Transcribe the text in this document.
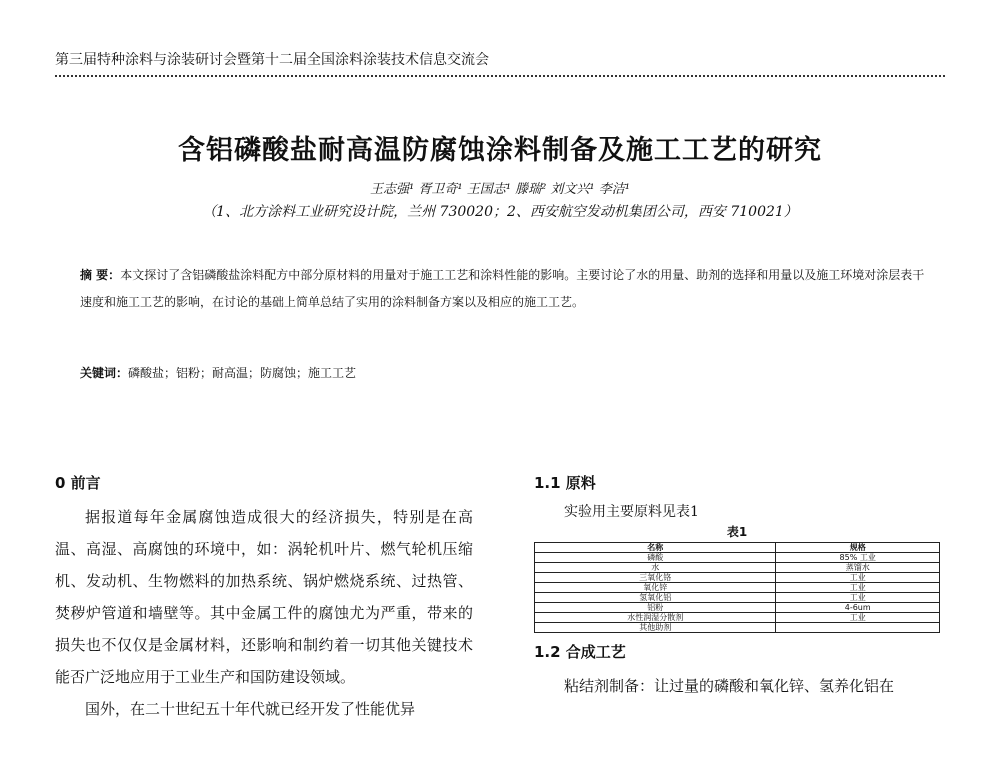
第三届特种涂料与涂装研讨会暨第十二届全国涂料涂装技术信息交流会
含铝磷酸盐耐高温防腐蚀涂料制备及施工工艺的研究
王志强¹ 胥卫奇¹ 王国志¹ 滕瑞² 刘文兴¹ 李洁¹
（1、北方涂料工业研究设计院，兰州 730020；2、西安航空发动机集团公司，西安 710021）
摘 要：本文探讨了含铝磷酸盐涂料配方中部分原材料的用量对于施工工艺和涂料性能的影响。主要讨论了水的用量、助剂的选择和用量以及施工环境对涂层表干速度和施工工艺的影响，在讨论的基础上简单总结了实用的涂料制备方案以及相应的施工工艺。
关键词：磷酸盐；铝粉；耐高温；防腐蚀；施工工艺
0 前言

据报道每年金属腐蚀造成很大的经济损失，特别是在高温、高湿、高腐蚀的环境中，如：涡轮机叶片、燃气轮机压缩机、发动机、生物燃料的加热系统、锅炉燃烧系统、过热管、焚秽炉管道和墙壁等。其中金属工件的腐蚀尤为严重，带来的损失也不仅仅是金属材料，还影响和制约着一切其他关键技术能否广泛地应用于工业生产和国防建设领域。

国外，在二十世纪五十年代就已经开发了性能优异

1.1 原料

实验用主要原料见表1

表1
名称	规格
磷酸	85% 工业
水	蒸馏水
三氧化铬	工业
氧化锌	工业
氢氧化铝	工业
铝粉	4-6um
水性润湿分散剂	工业
其他助剂	
1.2 合成工艺

粘结剂制备：让过量的磷酸和氧化锌、氢养化铝在
